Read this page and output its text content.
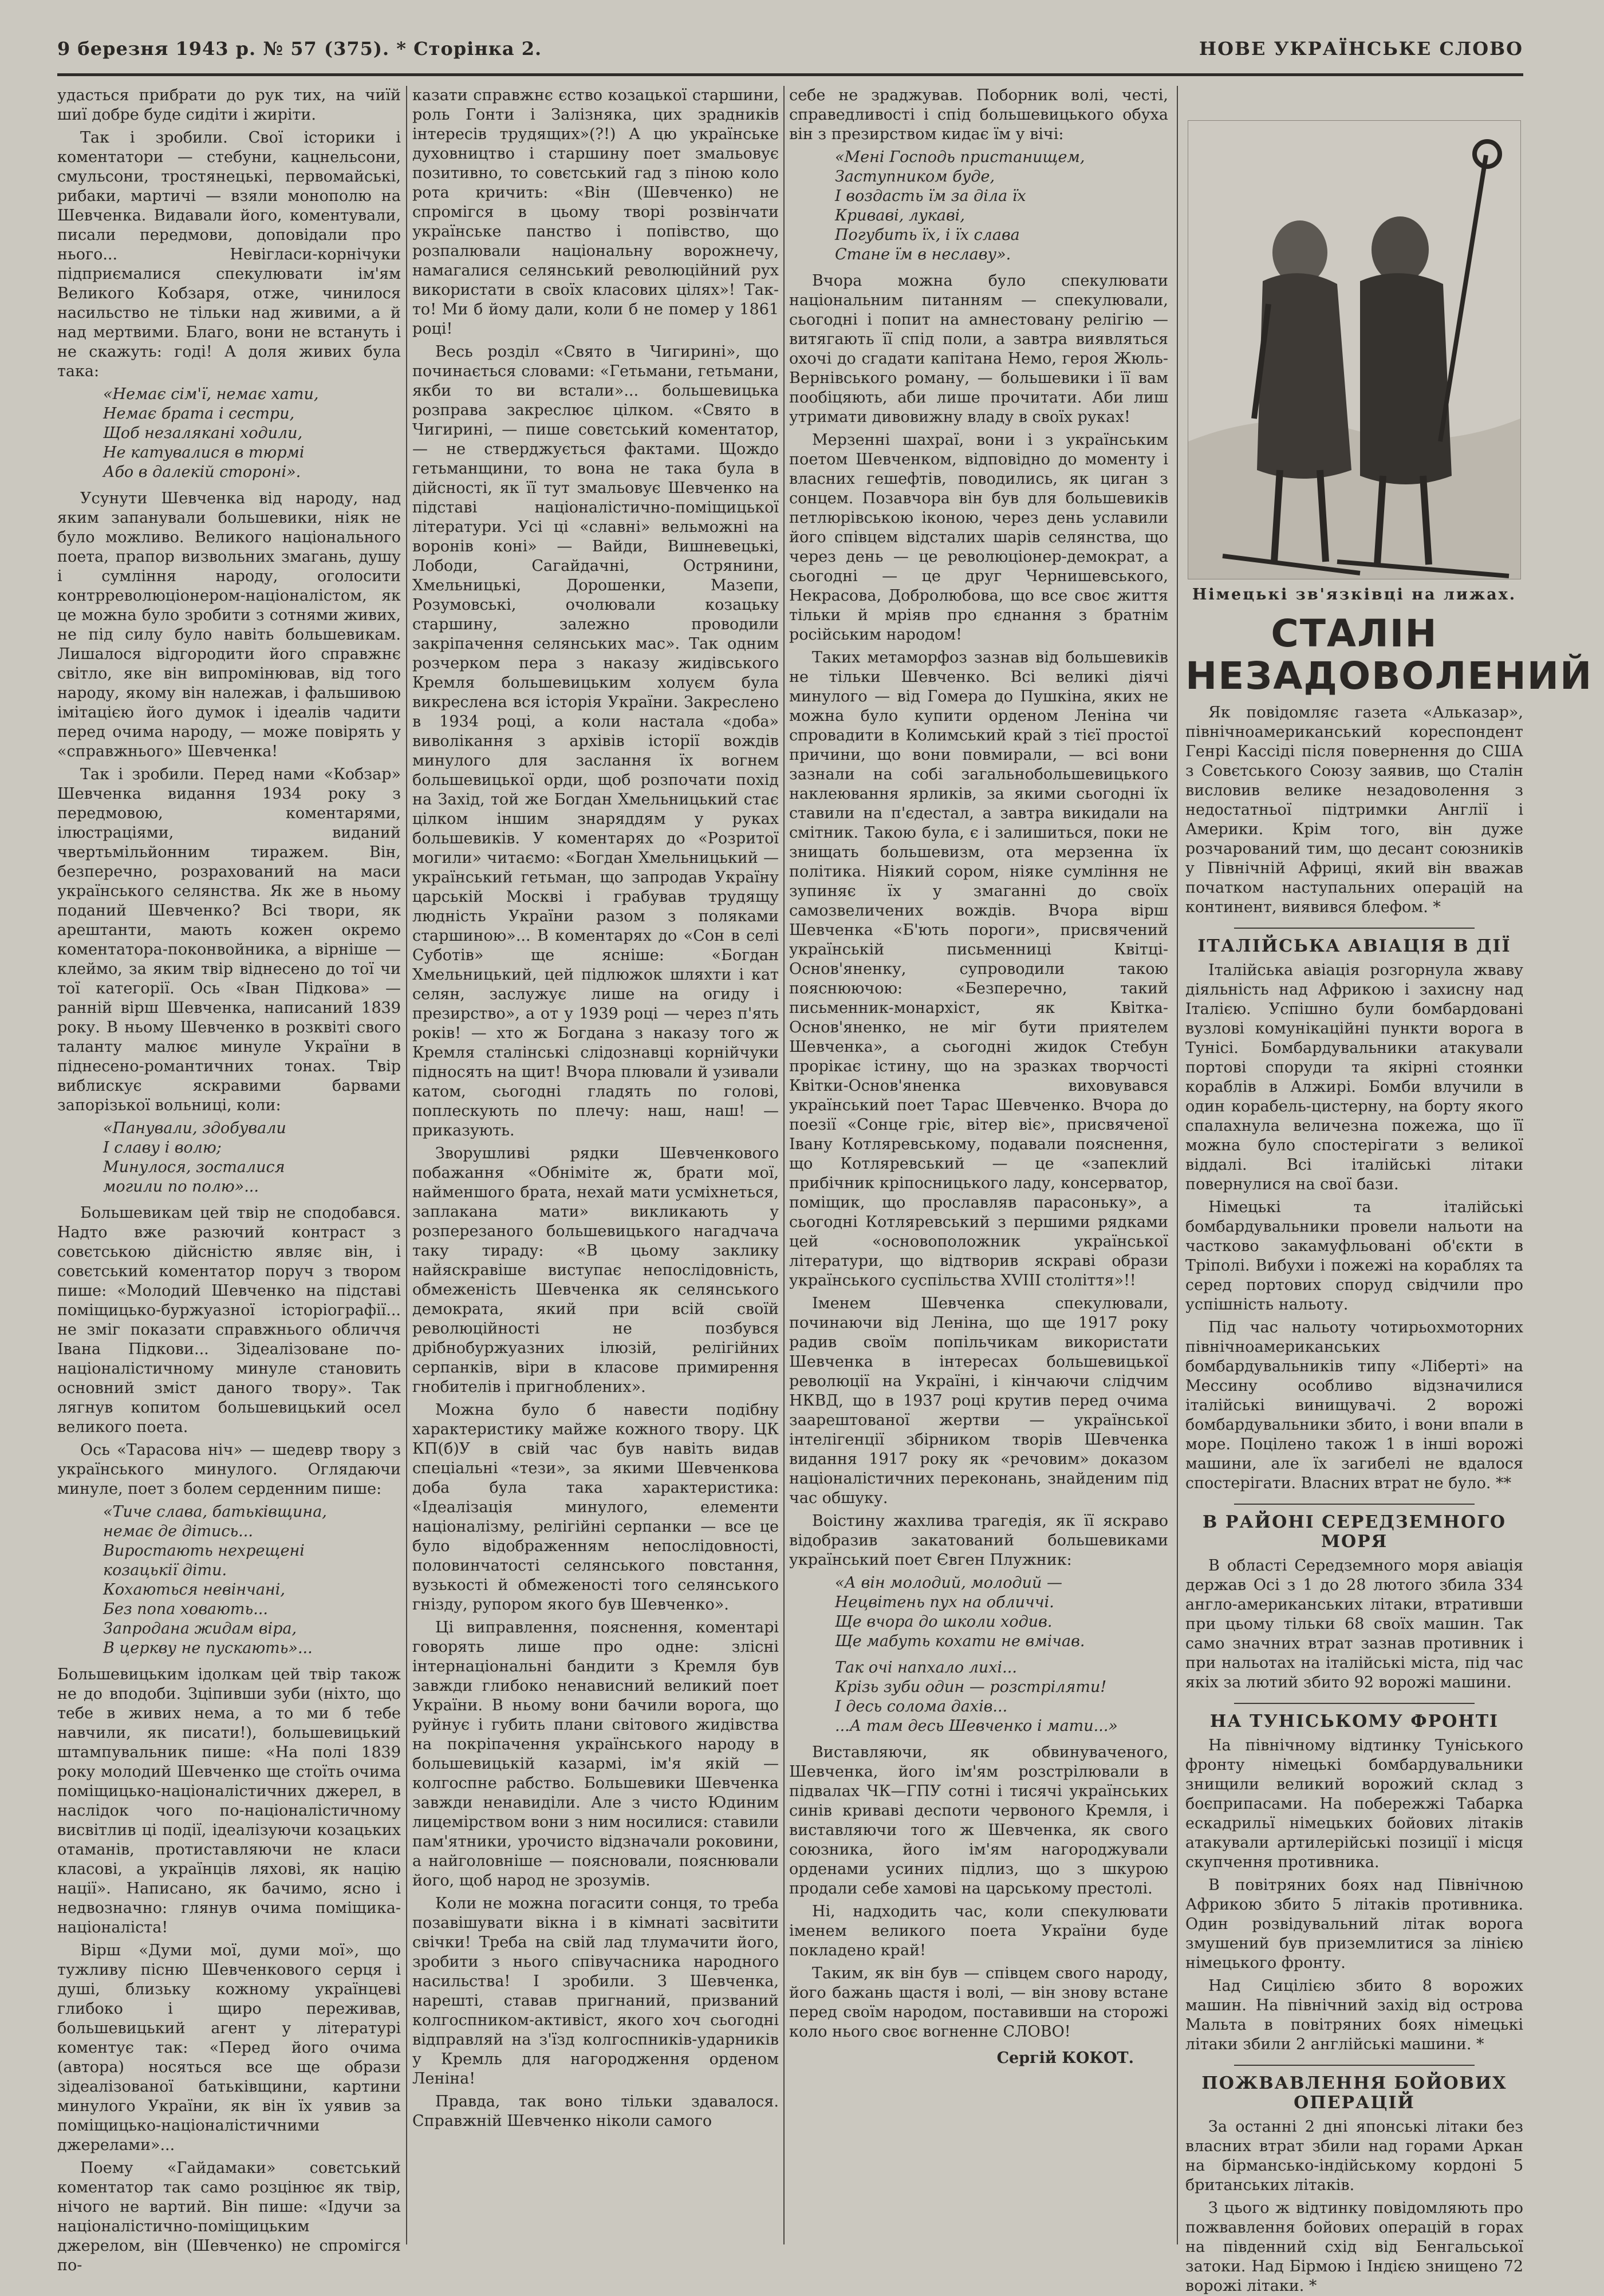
9 березня 1943 р. № 57 (375). * Сторінка 2.	НОВЕ УКРАЇНСЬКЕ СЛОВО

удасться прибрати до рук тих, на чиїй шиї добре буде сидіти і жирiти.

Так і зробили. Свої історики і коментатори — стебуни, кацнельсони, смульсони, тростянецькі, первомайські, рибаки, мартичі — взяли монополю на Шевченка. Видавали його, коментували, писали передмови, доповідали про нього... Невігласи-корнічуки підприємалися спекулювати ім'ям Великого Кобзаря, отже, чинилося насильство не тільки над живими, а й над мертвими. Благо, вони не встануть і не скажуть: годі! А доля живих була така:

«Немає сім'ї, немає хати,
Немає брата і сестри,
Щоб незалякані ходили,
Не катувалися в тюрмі
Або в далекій стороні».

Усунути Шевченка від народу, над яким запанували большевики, ніяк не було можливо. Великого національного поета, прапор визвольних змагань, душу і сумління народу, оголосити контрреволюціонером-націоналістом, як це можна було зробити з сотнями живих, не під силу було навіть большевикам. Лишалося відгородити його справжнє світло, яке він випромінював, від того народу, якому він належав, і фальшивою імітацією його думок і ідеалів чадити перед очима народу, — може повірять у «справжнього» Шевченка!

Так і зробили. Перед нами «Кобзар» Шевченка видання 1934 року з передмовою, коментарями, ілюстраціями, виданий чвертьмільйонним тиражем. Він, безперечно, розрахований на маси українського селянства. Як же в ньому поданий Шевченко? Всі твори, як арештанти, мають кожен окремо коментатора-поконвойника, а вірніше — клеймо, за яким твір віднесено до тої чи тої категорії. Ось «Іван Підкова» — ранній вірш Шевченка, написаний 1839 року. В ньому Шевченко в розквіті свого таланту малює минуле України в піднесено-романтичних тонах. Твір виблискує яскравими барвами запорізької вольниці, коли:

«Панували, здобували
І славу і волю;
Минулося, зосталися
могили по полю»...

Большевикам цей твір не сподобався. Надто вже разючий контраст з совєтською дійсністю являє він, і совєтський коментатор поруч з твором пише: «Молодий Шевченко на підставі поміщицько-буржуазної історіографії... не зміг показати справжнього обличчя Івана Підкови... Зідеалізоване по-націоналістичному минуле становить основний зміст даного твору». Так лягнув копитом большевицький осел великого поета.

Ось «Тарасова ніч» — шедевр твору з українського минулого. Оглядаючи минуле, поет з болем серденним пише:

«Тиче слава, батьківщина,
немає де дітись...
Виростають нехрещені
козацькії діти.
Кохаються невінчані,
Без попа ховають...
Запродана жидам віра,
В церкву не пускають»...

Большевицьким ідолкам цей твір також не до вподоби. Зціпивши зуби (ніхто, що тебе в живих нема, а то ми б тебе навчили, як писати!), большевицький штампувальник пише: «На полі 1839 року молодий Шевченко ще стоїть очима поміщицько-націоналістичних джерел, в наслідок чого по-націоналістичному висвітлив ці події, ідеалізуючи козацьких отаманів, протиставляючи не класи класові, а українців ляхові, як націю нації». Написано, як бачимо, ясно і недвозначно: глянув очима поміщика-націоналіста!

Вірш «Думи мої, думи мої», що тужливу пісню Шевченкового серця і душі, близьку кожному українцеві глибоко і щиро переживав, большевицький агент у літературі коментує так: «Перед його очима (автора) носяться все ще образи зідеалізованої батьківщини, картини минулого України, як він їх уявив за поміщицько-націоналістичними джерелами»...

Поему «Гайдамаки» совєтський коментатор так само розцінює як твір, нічого не вартий. Він пише: «Ідучи за націоналістично-поміщицьким джерелом, він (Шевченко) не спромігся по-

казати справжнє єство козацької старшини, роль Гонти і Залізняка, цих зрадників інтересів трудящих»(?!) А цю українське духовництво і старшину поет змальовує позитивно, то совєтський гад з піною коло рота кричить: «Він (Шевченко) не спромігся в цьому творі розвінчати українське панство і попівство, що розпалювали національну ворожнечу, намагалися селянський революційний рух використати в своїх класових цілях»! Так-то! Ми б йому дали, коли б не помер у 1861 році!

Весь розділ «Свято в Чигирині», що починається словами: «Гетьмани, гетьмани, якби то ви встали»... большевицька розправа закреслює цілком. «Свято в Чигирині, — пише совєтський коментатор, — не стверджується фактами. Щождо гетьманщини, то вона не така була в дійсності, як її тут змальовує Шевченко на підставі націоналістично-поміщицької літератури. Усі ці «славні» вельможні на воронів коні» — Вайди, Вишневецькі, Лободи, Сагайдачні, Острянини, Хмельницькі, Дорошенки, Мазепи, Розумовські, очолювали козацьку старшину, залежно проводили закріпачення селянських мас». Так одним розчерком пера з наказу жидівського Кремля большевицьким холуєм була викреслена вся історія України. Закреслено в 1934 році, а коли настала «доба» виволікання з архівів історії вождів минулого для заслання їх вогнем большевицької орди, щоб розпочати похід на Захід, той же Богдан Хмельницький стає цілком іншим знаряддям у руках большевиків. У коментарях до «Розритої могили» читаємо: «Богдан Хмельницький — український гетьман, що запродав Україну царській Москві і грабував трудящу людність України разом з поляками старшиною»... В коментарях до «Сон в селі Суботів» ще ясніше: «Богдан Хмельницький, цей підлюжок шляхти і кат селян, заслужує лише на огиду і презирство», а от у 1939 році — через п'ять років! — хто ж Богдана з наказу того ж Кремля сталінські слідознавці корнійчуки підносять на щит! Вчора плювали й узивали катом, сьогодні гладять по голові, поплескують по плечу: наш, наш! — приказують.

Зворушливі рядки Шевченкового побажання «Обніміте ж, брати мої, найменшого брата, нехай мати усміхнеться, заплакана мати» викликають у розперезаного большевицького нагадчача таку тираду: «В цьому заклику найяскравіше виступає непослідовність, обмеженість Шевченка як селянського демократа, який при всій своїй революційності не позбувся дрібнобуржуазних ілюзій, релігійних серпанків, віри в класове примирення гнобителів і пригноблених».

Можна було б навести подібну характеристику майже кожного твору. ЦК КП(б)У в свій час був навіть видав спеціальні «тези», за якими Шевченкова доба була така характеристика: «Ідеалізація минулого, елементи націоналізму, релігійні серпанки — все це було відображенням непослідовності, половинчатості селянського повстання, вузькості й обмеженості того селянського гнізду, рупором якого був Шевченко».

Ці виправлення, пояснення, коментарі говорять лише про одне: злісні інтернаціональні бандити з Кремля був завжди глибоко ненависний великий поет України. В ньому вони бачили ворога, що руйнує і губить плани світового жидівства на покріпачення українського народу в большевицькій казармі, ім'я якій — колгоспне рабство. Большевики Шевченка завжди ненавиділи. Але з чисто Юдиним лицемірством вони з ним носилися: ставили пам'ятники, урочисто відзначали роковини, а найголовніше — поясновали, пояснювали його, щоб народ не зрозумів.

Коли не можна погасити сонця, то треба позавішувати вікна і в кімнаті засвітити свічки! Треба на свій лад тлумачити його, зробити з нього співучасника народного насильства! І зробили. З Шевченка, нарешті, ставав пригнаний, призваний колгоспником-активіст, якого хоч сьогодні відправляй на з'їзд колгоспників-ударників у Кремль для нагородження орденом Леніна!

Правда, так воно тільки здавалося. Справжній Шевченко ніколи самого

себе не зраджував. Поборник волі, честі, справедливості і спід большевицького обуха він з презирством кидає їм у вічі:

«Мені Господь пристанищем,
Заступником буде,
І воздасть їм за діла їх
Криваві, лукаві,
Погубить їх, і їх слава
Стане їм в неславу».

Вчора можна було спекулювати національним питанням — спекулювали, сьогодні і попит на амнестовану релігію — витягають її спід поли, а завтра виявляться охочі до сгадати капітана Немо, героя Жюль-Вернівського роману, — большевики і її вам пообіцяють, аби лише прочитати. Аби лиш утримати дивовижну владу в своїх руках!

Мерзенні шахраї, вони і з українським поетом Шевченком, відповідно до моменту і власних гешефтів, поводились, як циган з сонцем. Позавчора він був для большевиків петлюрівською іконою, через день уславили його співцем відсталих шарів селянства, що через день — це революціонер-демократ, а сьогодні — це друг Чернишевського, Некрасова, Добролюбова, що все своє життя тільки й мріяв про єднання з братнім російським народом!

Таких метаморфоз зазнав від большевиків не тільки Шевченко. Всі великі діячі минулого — від Гомера до Пушкіна, яких не можна було купити орденом Леніна чи спровадити в Колимський край з тієї простої причини, що вони повмирали, — всі вони зазнали на собі загальнобольшевицького наклеювання ярликів, за якими сьогодні їх ставили на п'єдестал, а завтра викидали на смітник. Такою була, є і залишиться, поки не знищать большевизм, ота мерзенна їх політика. Ніякий сором, ніяке сумління не зупиняє їх у змаганні до своїх самозвеличених вождів. Вчора вірш Шевченка «Б'ють пороги», присвячений українській письменниці Квітці-Основ'яненку, супроводили такою пояснюючою: «Безперечно, такий письменник-монархіст, як Квітка-Основ'яненко, не міг бути приятелем Шевченка», а сьогодні жидок Стебун прорікає істину, що на зразках творчості Квітки-Основ'яненка виховувався український поет Тарас Шевченко. Вчора до поезії «Сонце гріє, вітер віє», присвяченої Івану Котляревському, подавали пояснення, що Котляревський — це «запеклий прибічник кріпосницького ладу, консерватор, поміщик, що прославляв парасоньку», а сьогодні Котляревський з першими рядками цей «основоположник української літератури, що відтворив яскраві образи українського суспільства XVIII століття»!!

Іменем Шевченка спекулювали, починаючи від Леніна, що ще 1917 року радив своїм попільчикам використати Шевченка в інтересах большевицької революції на Україні, і кінчаючи слідчим НКВД, що в 1937 році крутив перед очима заарештованої жертви — української інтелігенції збірником творів Шевченка видання 1917 року як «речовим» доказом націоналістичних переконань, знайденим під час обшуку.

Воістину жахлива трагедія, як її яскраво відобразив закатований большевиками український поет Євген Плужник:

«А він молодий, молодий —
Нецвітень пух на обличчі.
Ще вчора до школи ходив.
Ще мабуть кохати не вмічав.
Так очі напхало лихі...
Крізь зуби один — розстріляти!
І десь солома дахів...
...А там десь Шевченко і мати...»

Виставляючи, як обвинуваченого, Шевченка, його ім'ям розстрілювали в підвалах ЧК—ГПУ сотні і тисячі українських синів криваві деспоти червоного Кремля, і виставляючи того ж Шевченка, як свого союзника, його ім'ям нагороджували орденами усиних підлиз, що з шкурою продали себе хамові на царському престолі.

Ні, надходить час, коли спекулювати іменем великого поета України буде покладено край!

Таким, як він був — співцем свого народу, його бажань щастя і волі, — він знову встане перед своїм народом, поставивши на сторожі коло нього своє вогненне СЛОВО!

Сергій КОКОТ.
Німецькі зв'язківці на лижах.
СТАЛІН НЕЗАДОВОЛЕНИЙ

Як повідомляє газета «Альказар», північноамериканський кореспондент Генрі Кассіді після повернення до США з Совєтського Союзу заявив, що Сталін висловив велике незадоволення з недостатньої підтримки Англії і Америки. Крім того, він дуже розчарований тим, що десант союзників у Північній Африці, який він вважав початком наступальних операцій на континент, виявився блефом. *

ІТАЛІЙСЬКА АВІАЦІЯ В ДІЇ

Італійська авіація розгорнула жваву діяльність над Африкою і захисну над Італією. Успішно були бомбардовані вузлові комунікаційні пункти ворога в Тунісі. Бомбардувальники атакували портові споруди та якірні стоянки кораблів в Алжирі. Бомби влучили в один корабель-цистерну, на борту якого спалахнула величезна пожежа, що її можна було спостерігати з великої віддалі. Всі італійські літаки повернулися на свої бази.

Німецькі та італійські бомбардувальники провели нальоти на частково закамуфльовані об'єкти в Тріполі. Вибухи і пожежі на кораблях та серед портових споруд свідчили про успішність нальоту.

Під час нальоту чотирьохмоторних північноамериканських бомбардувальників типу «Ліберті» на Мессину особливо відзначилися італійські винищувачі. 2 ворожі бомбардувальники збито, і вони впали в море. Поцілено також 1 в інші ворожі машини, але їх загибелі не вдалося спостерігати. Власних втрат не було. **

В РАЙОНІ СЕРЕДЗЕМНОГО МОРЯ

В області Середземного моря авіація держав Осі з 1 до 28 лютого збила 334 англо-американських літаки, втративши при цьому тільки 68 своїх машин. Так само значних втрат зазнав противник і при нальотах на італійські міста, під час якіх за лютий збито 92 ворожі машини.

НА ТУНІСЬКОМУ ФРОНТІ

На північному відтинку Туніського фронту німецькі бомбардувальники знищили великий ворожий склад з боєприпасами. На побережжі Табарка ескадрильї німецьких бойових літаків атакували артилерійські позиції і місця скупчення противника.

В повітряних боях над Північною Африкою збито 5 літаків противника. Один розвідувальний літак ворога змушений був приземлитися за лінією німецького фронту.

Над Сицілією збито 8 ворожих машин. На північний захід від острова Мальта в повітряних боях німецькі літаки збили 2 англійські машини. *

ПОЖВАВЛЕННЯ БОЙОВИХ ОПЕРАЦІЙ

За останні 2 дні японські літаки без власних втрат збили над горами Аркан на бірмансько-індійському кордоні 5 британських літаків.

З цього ж відтинку повідомляють про пожвавлення бойових операцій в горах на південний схід від Бенгальської затоки. Над Бірмою і Індією знищено 72 ворожі літаки. *
